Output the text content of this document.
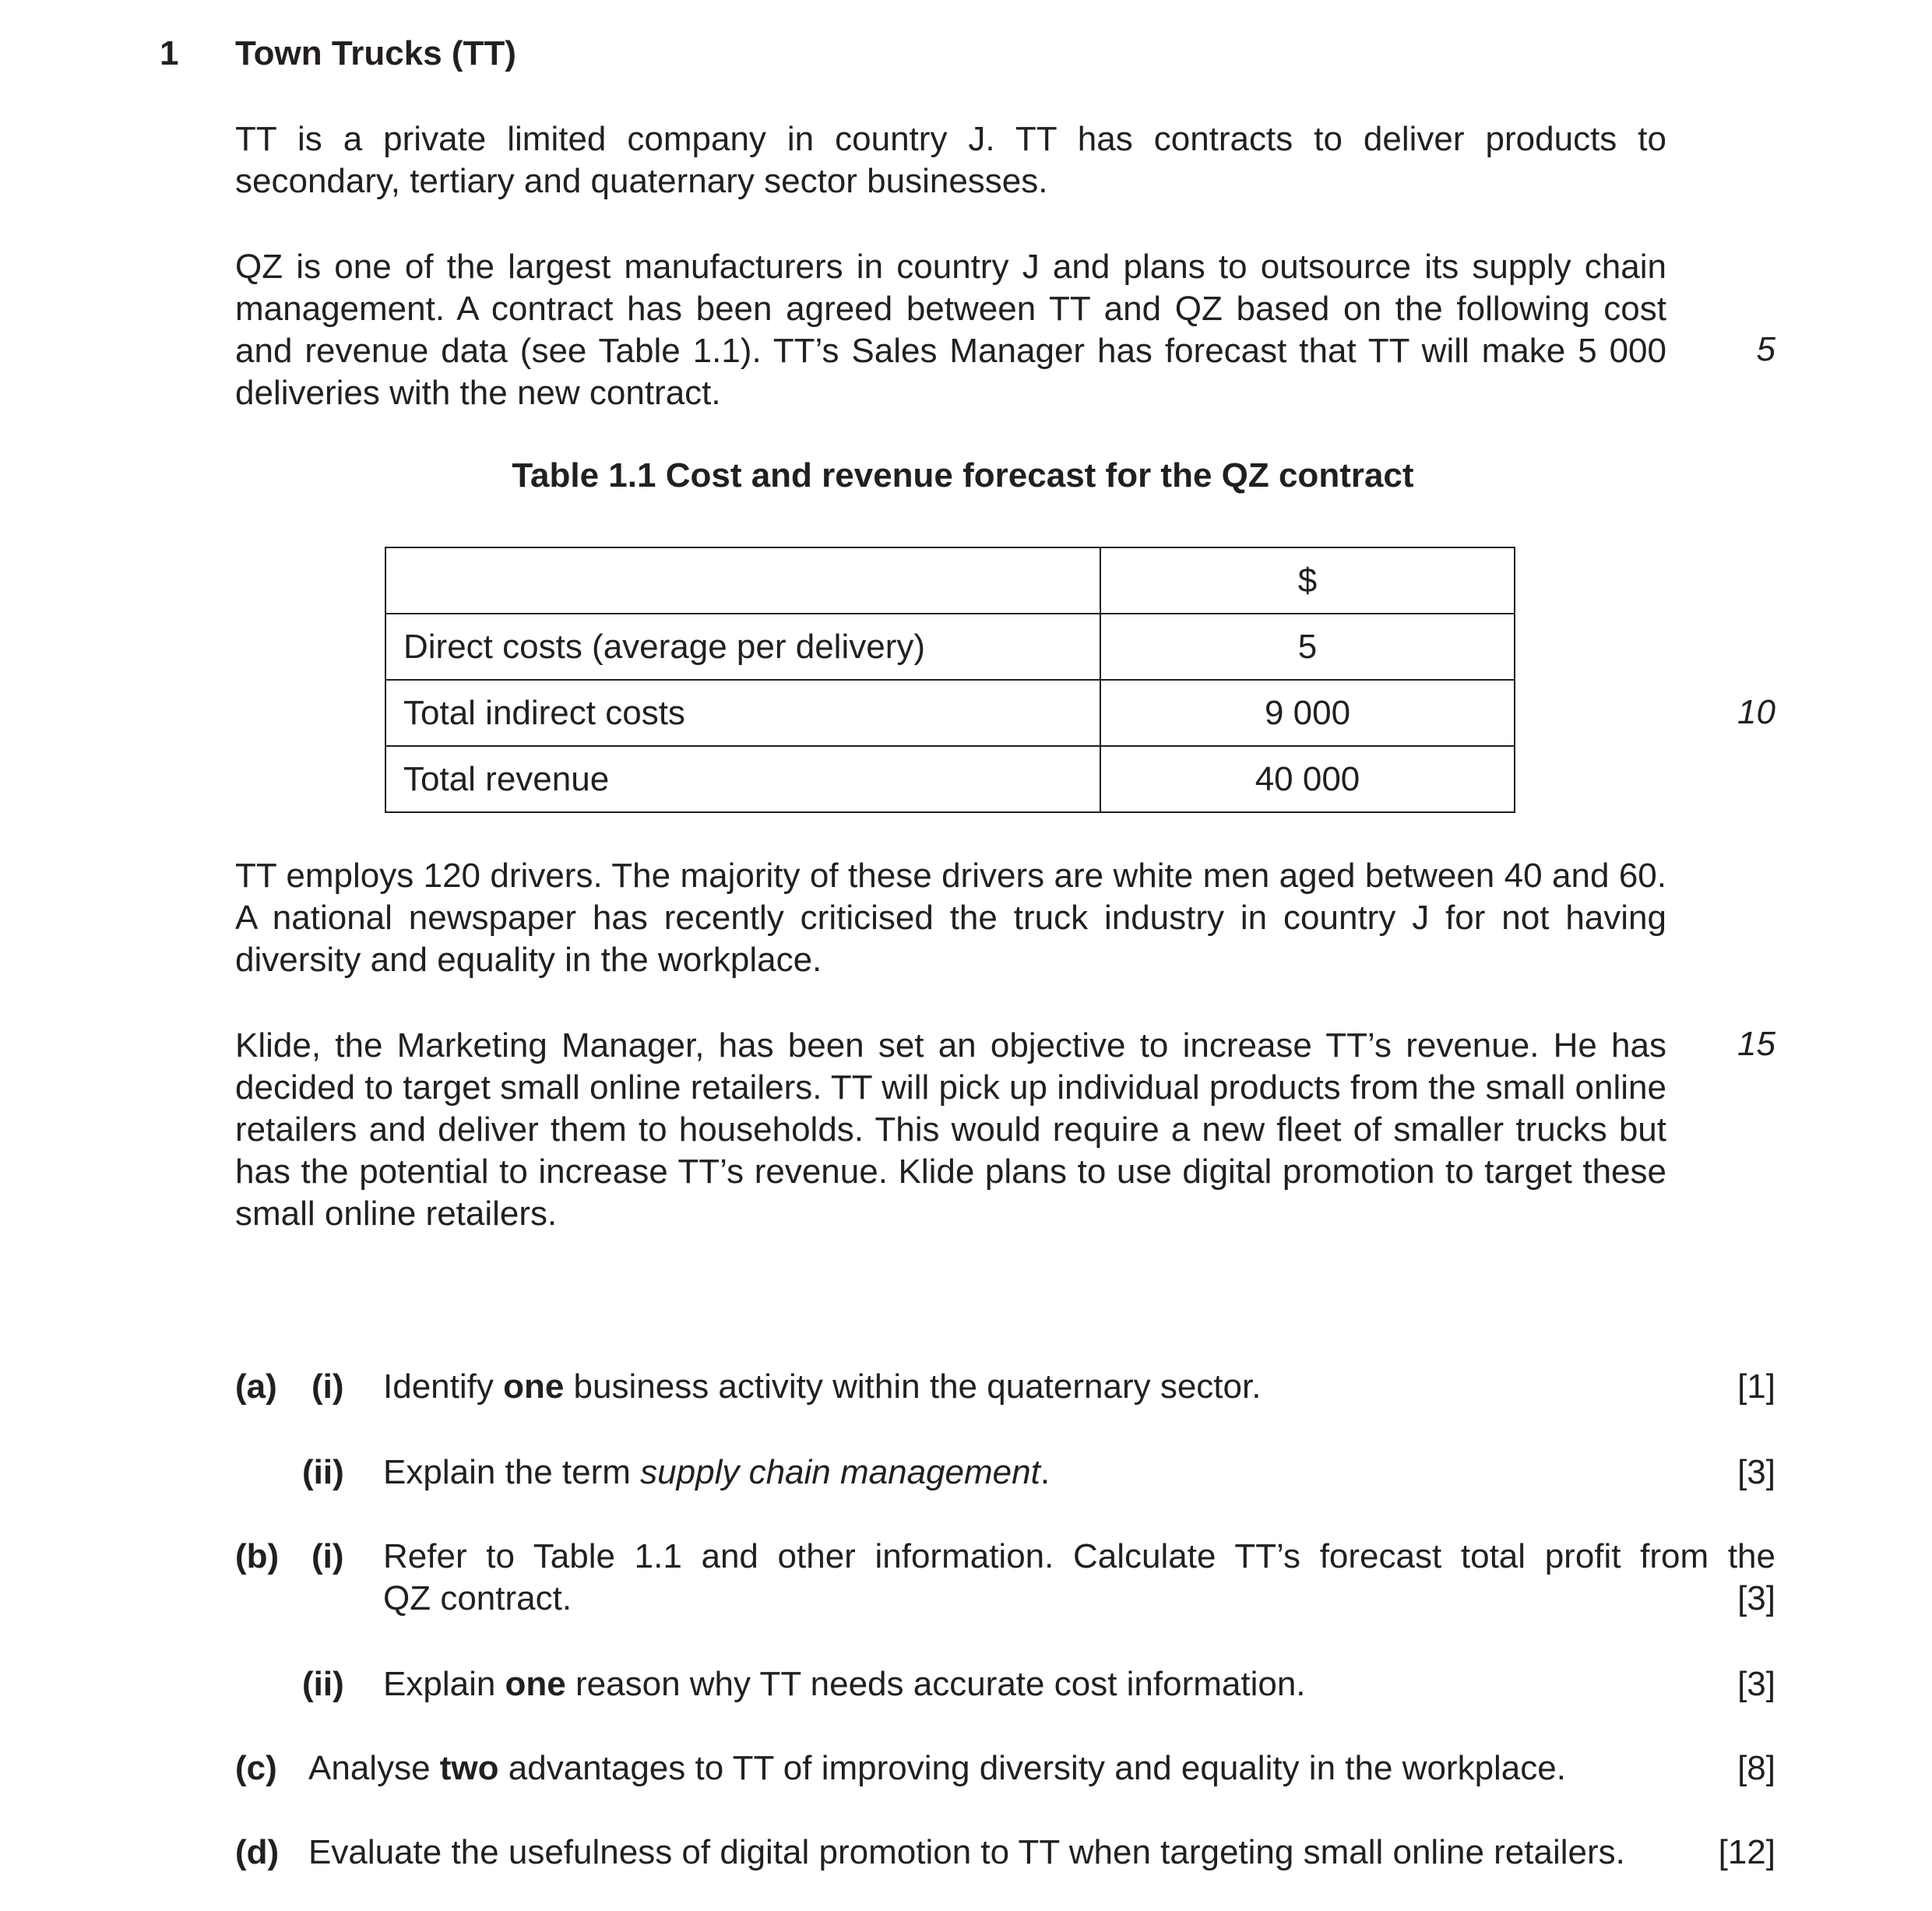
1 Town Trucks (TT)

TT is a private limited company in country J. TT has contracts to deliver products to secondary, tertiary and quaternary sector businesses.

QZ is one of the largest manufacturers in country J and plans to outsource its supply chain management. A contract has been agreed between TT and QZ based on the following cost and revenue data (see Table 1.1). TT’s Sales Manager has forecast that TT will make 5 000 deliveries with the new contract.

5
Table 1.1 Cost and revenue forecast for the QZ contract
	$
Direct costs (average per delivery)	5
Total indirect costs	9 000
Total revenue	40 000
10

TT employs 120 drivers. The majority of these drivers are white men aged between 40 and 60. A national newspaper has recently criticised the truck industry in country J for not having diversity and equality in the workplace.

Klide, the Marketing Manager, has been set an objective to increase TT’s revenue. He has decided to target small online retailers. TT will pick up individual products from the small online retailers and deliver them to households. This would require a new fleet of smaller trucks but has the potential to increase TT’s revenue. Klide plans to use digital promotion to target these small online retailers.

15
(a) (i) Identify one business activity within the quaternary sector.	[1]
(ii) Explain the term supply chain management.	[3]
(b) (i) Refer to Table 1.1 and other information. Calculate TT’s forecast total profit from the
QZ contract.	[3]
(ii) Explain one reason why TT needs accurate cost information.	[3]
(c) Analyse two advantages to TT of improving diversity and equality in the workplace.	[8]
(d) Evaluate the usefulness of digital promotion to TT when targeting small online retailers.	[12]
